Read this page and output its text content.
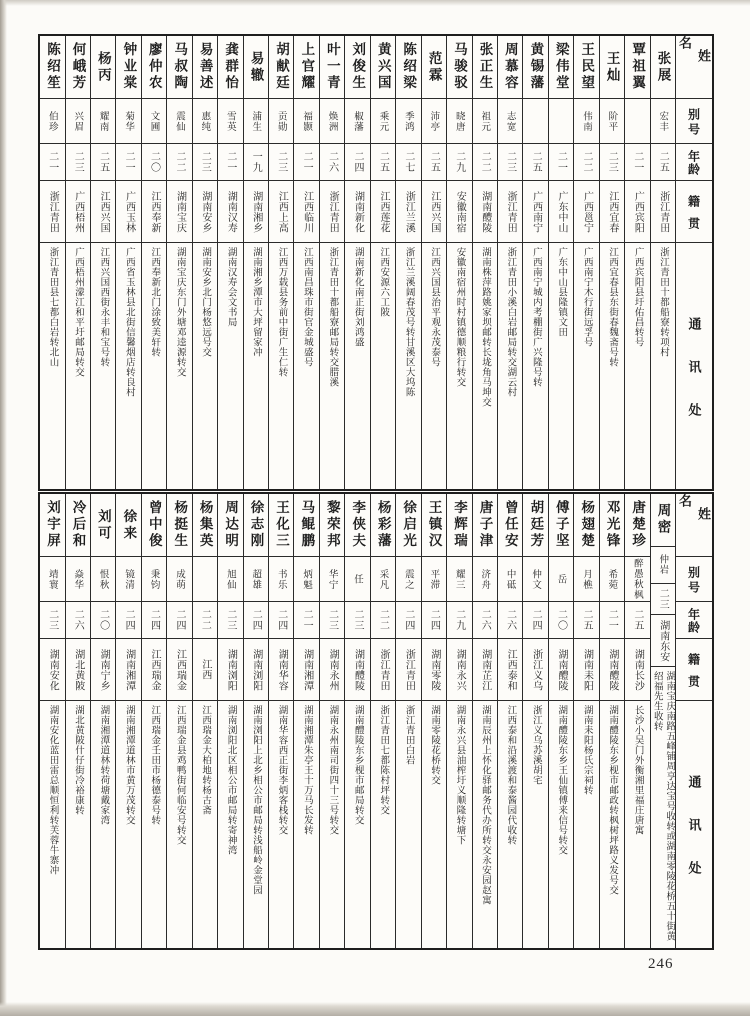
姓名
别号
年龄
籍贯
通讯处
张展
宏丰
二五
浙江青田
浙江青田十都船寮转项村
覃祖翼
二一
广西宾阳
广西宾阳县圩佑昌转号
王灿
阶平
二三
江西宜春
江西宜春县东街春魏斋号转
王民望
伟南
二二
广西邕宁
广西南宁木行街远孚号
梁伟堂
二一
广东中山
广东中山县隆镇文田
黄锡藩
二五
广西南宁
广西南宁城内考棚街广兴隆号转
周慕容
志宽
二三
浙江青田
浙江青田小溪白岩邮局转交湖云村
张正生
祖元
二二
湖南醴陵
湖南株萍路姚家坝邮转长垅角马坤交
马骏驳
晓唐
二九
安徽南宿
安徽南宿州时村镇德顺粮行转交
范霖
沛亭
二五
江西兴国
江西兴国县治平观永茂泰号
陈绍梁
季鸿
二七
浙江兰溪
浙江兰溪阔春茂号转甘溪区大坞陈
黄兴国
乘元
二五
江西莲花
江西安源六工陂
刘俊生
椒藩
二四
湖南新化
湖南新化南正街刘鸿盛
叶一青
焕洲
二六
浙江青田
浙江青田十都船寮邮局转交腊溪
上官耀
福颢
二一
江西临川
江西南昌珠市街官金城盛号
胡献廷
贡勋
二三
江西上高
江西万载县务前中街广生仁转
易辙
浦生
一九
湖南湘乡
湖南湘乡潭市大坪留家冲
龚群怡
雪英
二一
湖南汉寿
湖南汉寿会文书局
易善述
惠纯
二三
湖南安乡
湖南安乡北门杨悠远号交
马叔陶
震仙
二二
湖南宝庆
湖南宝庆东门外塘邓逵源转交
廖仲农
文圃
二〇
江西奉新
江西奉新北门涂致美轩转
钟业棠
菊华
二一
广西玉林
广西省玉林县北街信馨烟店转良村
杨丙
耀南
二五
江西兴国
江西兴国西街永丰和宝号转
何峨芳
兴眉
二三
广西梧州
广西梧州濛江和平圩邮局转交
陈绍笙
伯珍
二一
浙江青田
浙江青田县七都白岩转北山
姓名
别号
年龄
籍贯
通讯处
周密
仲岩
二三
湖南东安
湖南宝庆南路五峰铺周亨达宝号收转或湖南零陵花桥五十街黄绍福先生收转
唐楚珍
醉愚秋枫
二五
湖南长沙
长沙小吴门外衡湘里福庄唐寓
邓光锋
希菀
二一
湖南醴陵
湖南醴陵东乡枧市邮政转枫树坪路义发号交
杨翅楚
月樵
二五
湖南耒阳
湖南耒阳杨氏宗祠转
傅子坚
岳
二〇
湖南醴陵
湖南醴陵东乡王仙镇傅来信号转交
胡廷芳
仲文
二四
浙江义乌
浙江义乌苏溪胡宅
曾任安
中砥
二六
江西泰和
江西泰和沿溪渡和泰酱园代收转
唐子津
济舟
二六
湖南芷江
湖南辰州上怀化驿邮务代办所转交永安园赵寓
李辉瑞
耀三
二九
湖南永兴
湖南永兴县油榨圩义顺隆转塘下
王镇汉
平滞
二四
湖南零陵
湖南零陵花桥转交
徐启光
震之
二四
浙江青田
浙江青田白岩
杨彩藩
采凡
二二
浙江青田
浙江青田七都陈村坪转交
李侠夫
任
二三
湖南醴陵
湖南醴陵东乡枧市邮局转交
黎荣邦
华宁
二三
湖南永州
湖南永州南司街四十三号转交
马鲲鹏
炳魁
二一
湖南湘潭
湖南湘潭朱亭王十万马长发转
王化三
书乐
二四
湖南华容
湖南华容西正街李炳客栈转交
徐志刚
超雄
二四
湖南浏阳
湖南浏阳上北乡相公市邮局转浅船岭金堂园
周达明
旭仙
二三
湖南浏阳
湖南浏阳北区相公市邮局转寄神湾
杨集英
二二
江西
江西瑞金大柏地转杨古斋
杨挺生
成萌
二四
江西瑞金
江西瑞金县鸡鸭街何临安号转交
曾中俊
秉钧
二四
江西瑞金
江西瑞金壬田市杨德泰号转
徐来
镜清
二四
湖南湘潭
湖南湘潭道林市黄万茂转交
刘可
恨秋
二〇
湖南宁乡
湖南湘潭道林转荷塘戴家湾
冷后和
焱华
二六
湖北黄陂
湖北黄陂什仔街冷裕康转
刘宇屏
靖寰
二三
湖南安化
湖南安化蓝田雷总顺恒利转芙蓉牛寨冲
246
